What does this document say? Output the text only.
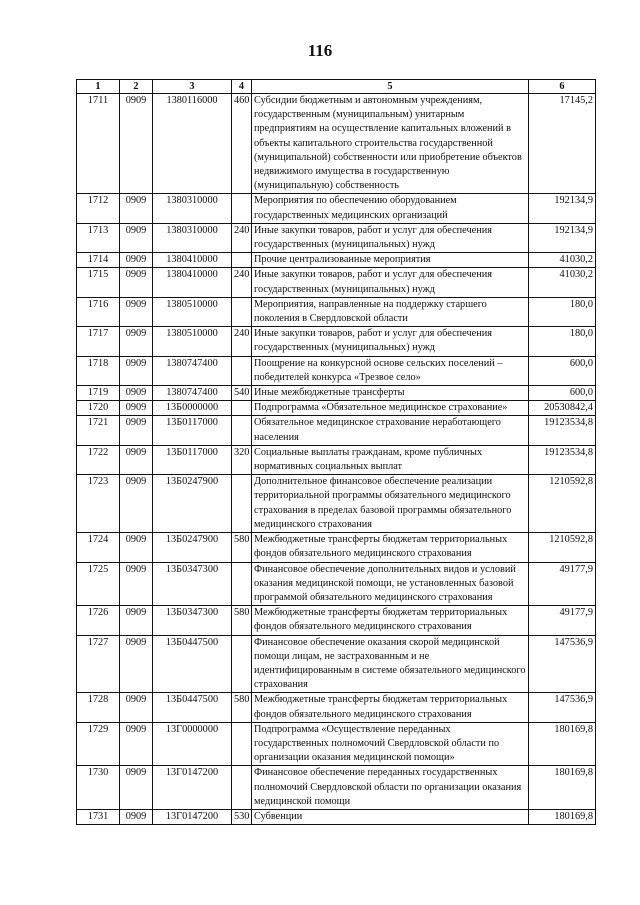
116
1	2	3	4	5	6
1711	0909	1380116000	460	Субсидии бюджетным и автономным учреждениям, государственным (муниципальным) унитарным предприятиям на осуществление капитальных вложений в объекты капитального строительства государственной (муниципальной) собственности или приобретение объектов недвижимого имущества в государственную (муниципальную) собственность	17145,2
1712	0909	1380310000		Мероприятия по обеспечению оборудованием государственных медицинских организаций	192134,9
1713	0909	1380310000	240	Иные закупки товаров, работ и услуг для обеспечения государственных (муниципальных) нужд	192134,9
1714	0909	1380410000		Прочие централизованные мероприятия	41030,2
1715	0909	1380410000	240	Иные закупки товаров, работ и услуг для обеспечения государственных (муниципальных) нужд	41030,2
1716	0909	1380510000		Мероприятия, направленные на поддержку старшего поколения в Свердловской области	180,0
1717	0909	1380510000	240	Иные закупки товаров, работ и услуг для обеспечения государственных (муниципальных) нужд	180,0
1718	0909	1380747400		Поощрение на конкурсной основе сельских поселений – победителей конкурса «Трезвое село»	600,0
1719	0909	1380747400	540	Иные межбюджетные трансферты	600,0
1720	0909	13Б0000000		Подпрограмма «Обязательное медицинское страхование»	20530842,4
1721	0909	13Б0117000		Обязательное медицинское страхование неработающего населения	19123534,8
1722	0909	13Б0117000	320	Социальные выплаты гражданам, кроме публичных нормативных социальных выплат	19123534,8
1723	0909	13Б0247900		Дополнительное финансовое обеспечение реализации территориальной программы обязательного медицинского страхования в пределах базовой программы обязательного медицинского страхования	1210592,8
1724	0909	13Б0247900	580	Межбюджетные трансферты бюджетам территориальных фондов обязательного медицинского страхования	1210592,8
1725	0909	13Б0347300		Финансовое обеспечение дополнительных видов и условий оказания медицинской помощи, не установленных базовой программой обязательного медицинского страхования	49177,9
1726	0909	13Б0347300	580	Межбюджетные трансферты бюджетам территориальных фондов обязательного медицинского страхования	49177,9
1727	0909	13Б0447500		Финансовое обеспечение оказания скорой медицинской помощи лицам, не застрахованным и не идентифицированным в системе обязательного медицинского страхования	147536,9
1728	0909	13Б0447500	580	Межбюджетные трансферты бюджетам территориальных фондов обязательного медицинского страхования	147536,9
1729	0909	13Г0000000		Подпрограмма «Осуществление переданных государственных полномочий Свердловской области по организации оказания медицинской помощи»	180169,8
1730	0909	13Г0147200		Финансовое обеспечение переданных государственных полномочий Свердловской области по организации оказания медицинской помощи	180169,8
1731	0909	13Г0147200	530	Субвенции	180169,8
